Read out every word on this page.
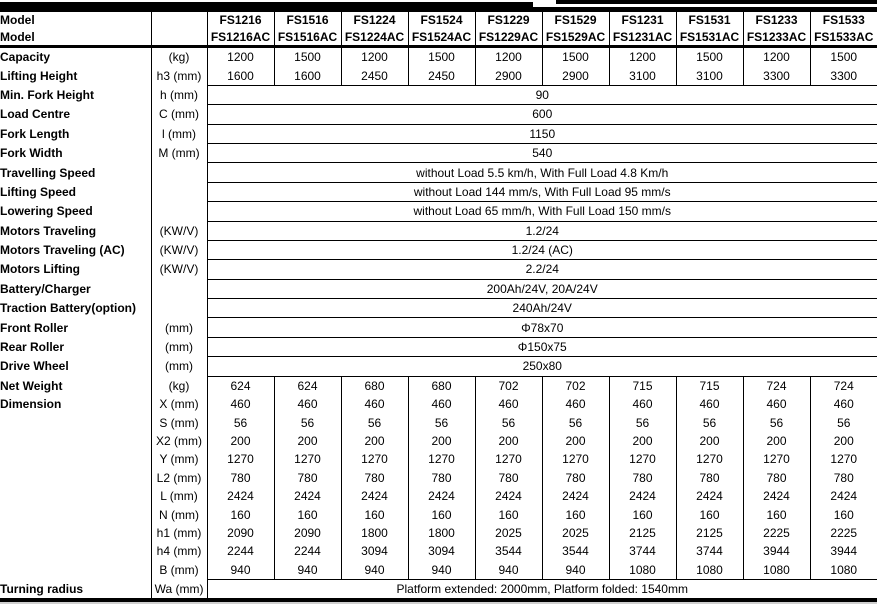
Model		FS1216	FS1516	FS1224	FS1524	FS1229	FS1529	FS1231	FS1531	FS1233	FS1533
Model		FS1216AC	FS1516AC	FS1224AC	FS1524AC	FS1229AC	FS1529AC	FS1231AC	FS1531AC	FS1233AC	FS1533AC
Capacity	(kg)	1200	1500	1200	1500	1200	1500	1200	1500	1200	1500
Lifting Height	h3 (mm)	1600	1600	2450	2450	2900	2900	3100	3100	3300	3300
Min. Fork Height	h (mm)	90									
Load Centre	C (mm)	600									
Fork Length	l (mm)	1150									
Fork Width	M (mm)	540									
Travelling Speed		without Load 5.5 km/h, With Full Load 4.8 Km/h									
Lifting Speed		without Load 144 mm/s, With Full Load 95 mm/s									
Lowering Speed		without Load 65 mm/h, With Full Load 150 mm/s									
Motors Traveling	(KW/V)	1.2/24									
Motors Traveling (AC)	(KW/V)	1.2/24 (AC)									
Motors Lifting	(KW/V)	2.2/24									
Battery/Charger		200Ah/24V, 20A/24V									
Traction Battery(option)		240Ah/24V									
Front Roller	(mm)	Φ78x70									
Rear Roller	(mm)	Φ150x75									
Drive Wheel	(mm)	250x80									
Net Weight	(kg)	624	624	680	680	702	702	715	715	724	724
Dimension	X (mm)	460	460	460	460	460	460	460	460	460	460
	S (mm)	56	56	56	56	56	56	56	56	56	56
	X2 (mm)	200	200	200	200	200	200	200	200	200	200
	Y (mm)	1270	1270	1270	1270	1270	1270	1270	1270	1270	1270
	L2 (mm)	780	780	780	780	780	780	780	780	780	780
	L (mm)	2424	2424	2424	2424	2424	2424	2424	2424	2424	2424
	N (mm)	160	160	160	160	160	160	160	160	160	160
	h1 (mm)	2090	2090	1800	1800	2025	2025	2125	2125	2225	2225
	h4 (mm)	2244	2244	3094	3094	3544	3544	3744	3744	3944	3944
	B (mm)	940	940	940	940	940	940	1080	1080	1080	1080
Turning radius	Wa (mm)	Platform extended: 2000mm, Platform folded: 1540mm									
